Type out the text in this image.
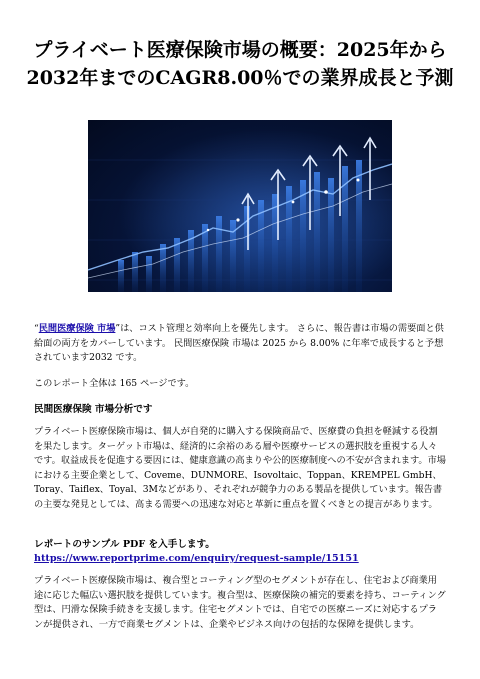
プライベート医療保険市場の概要：2025年から
2032年までのCAGR8.00％での業界成長と予測

“民間医療保険 市場”は、コスト管理と効率向上を優先します。 さらに、報告書は市場の需要面と供給面の両方をカバーしています。 民間医療保険 市場は 2025 から 8.00% に年率で成長すると予想されています2032 です。

このレポート全体は 165 ページです。

民間医療保険 市場分析です

プライベート医療保険市場は、個人が自発的に購入する保険商品で、医療費の負担を軽減する役割を果たします。ターゲット市場は、経済的に余裕のある層や医療サービスの選択肢を重視する人々です。収益成長を促進する要因には、健康意識の高まりや公的医療制度への不安が含まれます。市場における主要企業として、Coveme、DUNMORE、Isovoltaic、Toppan、KREMPEL GmbH、Toray、Taiflex、Toyal、3Mなどがあり、それぞれが競争力のある製品を提供しています。報告書の主要な発見としては、高まる需要への迅速な対応と革新に重点を置くべきとの提言があります。

レポートのサンプル PDF を入手します。 https://www.reportprime.com/enquiry/request-sample/15151

プライベート医療保険市場は、複合型とコーティング型のセグメントが存在し、住宅および商業用途に応じた幅広い選択肢を提供しています。複合型は、医療保険の補完的要素を持ち、コーティング型は、円滑な保険手続きを支援します。住宅セグメントでは、自宅での医療ニーズに対応するプランが提供され、一方で商業セグメントは、企業やビジネス向けの包括的な保障を提供します。
